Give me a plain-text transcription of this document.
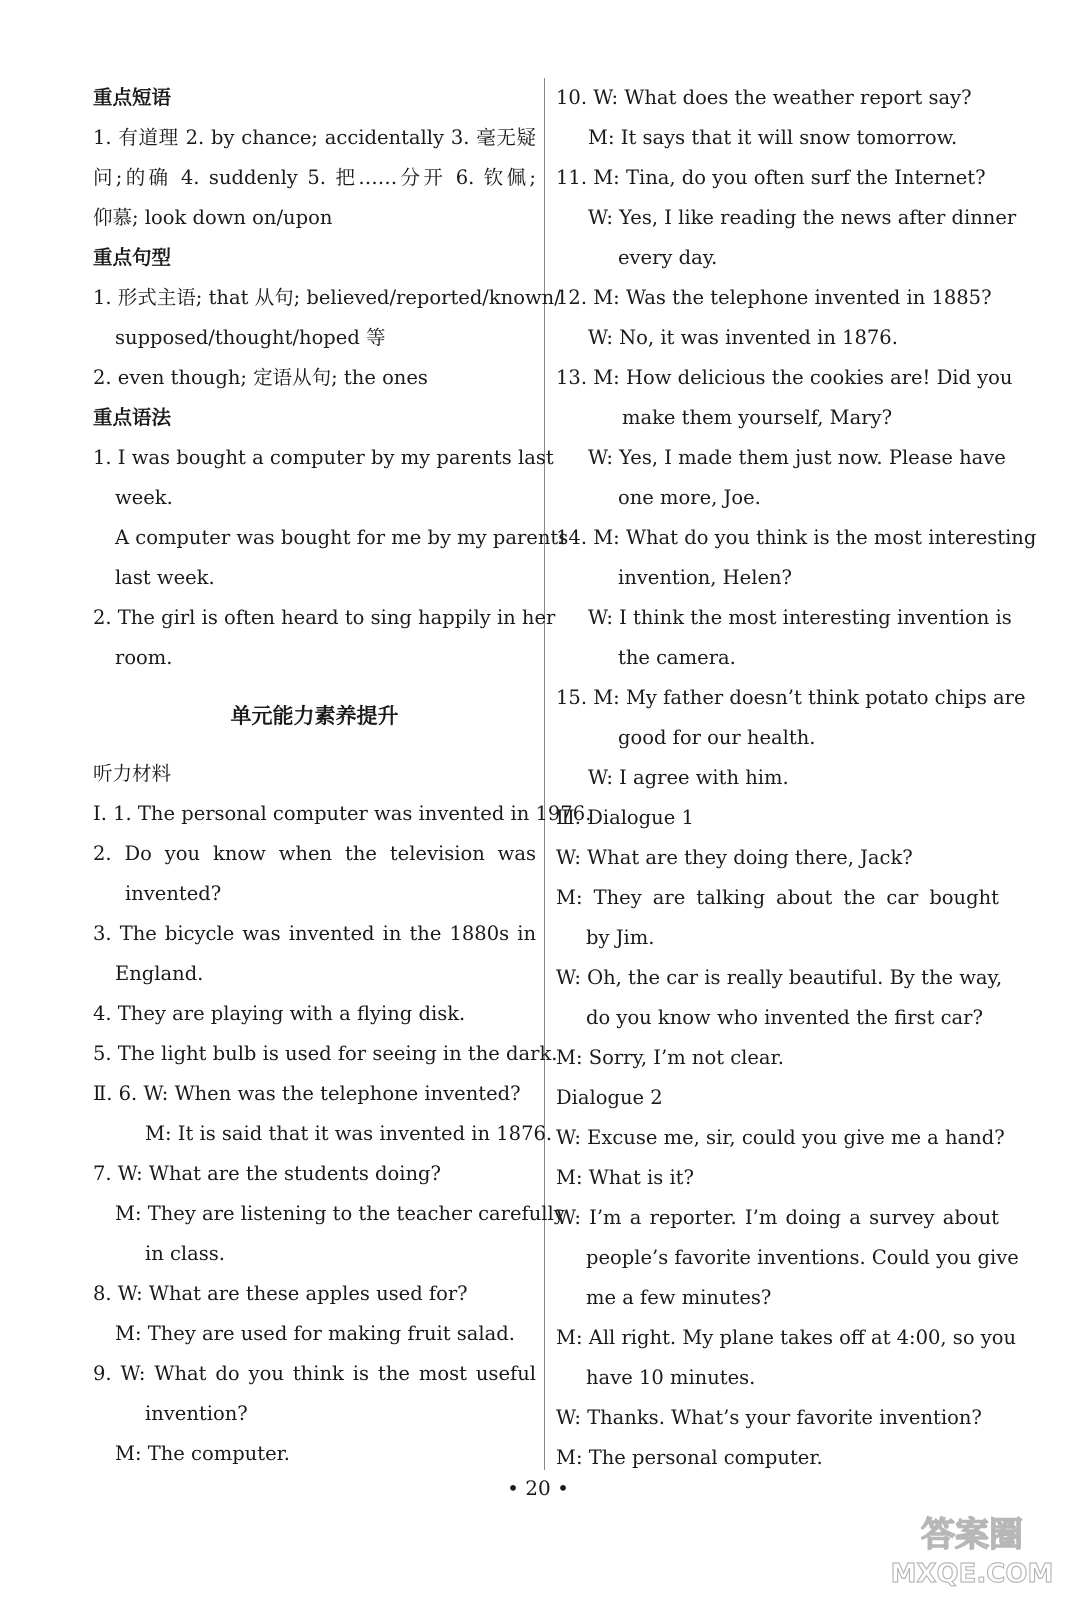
重点短语
1. 有道理 2. by chance; accidentally 3. 毫无疑
问;的确 4. suddenly 5. 把……分开 6. 钦佩;
仰慕; look down on/upon
重点句型
1. 形式主语; that 从句; believed/reported/known/
supposed/thought/hoped 等
2. even though; 定语从句; the ones
重点语法
1. I was bought a computer by my parents last
week.
A computer was bought for me by my parents
last week.
2. The girl is often heard to sing happily in her
room.
单元能力素养提升
听力材料
Ⅰ. 1. The personal computer was invented in 1976.
2. Do you know when the television was
invented?
3. The bicycle was invented in the 1880s in
England.
4. They are playing with a flying disk.
5. The light bulb is used for seeing in the dark.
Ⅱ. 6. W: When was the telephone invented?
M: It is said that it was invented in 1876.
7. W: What are the students doing?
M: They are listening to the teacher carefully
in class.
8. W: What are these apples used for?
M: They are used for making fruit salad.
9. W: What do you think is the most useful
invention?
M: The computer.
10. W: What does the weather report say?
M: It says that it will snow tomorrow.
11. M: Tina, do you often surf the Internet?
W: Yes, I like reading the news after dinner
every day.
12. M: Was the telephone invented in 1885?
W: No, it was invented in 1876.
13. M: How delicious the cookies are! Did you
make them yourself, Mary?
W: Yes, I made them just now. Please have
one more, Joe.
14. M: What do you think is the most interesting
invention, Helen?
W: I think the most interesting invention is
the camera.
15. M: My father doesn’t think potato chips are
good for our health.
W: I agree with him.
Ⅲ. Dialogue 1
W: What are they doing there, Jack?
M: They are talking about the car bought
by Jim.
W: Oh, the car is really beautiful. By the way,
do you know who invented the first car?
M: Sorry, I’m not clear.
Dialogue 2
W: Excuse me, sir, could you give me a hand?
M: What is it?
W: I’m a reporter. I’m doing a survey about
people’s favorite inventions. Could you give
me a few minutes?
M: All right. My plane takes off at 4:00, so you
have 10 minutes.
W: Thanks. What’s your favorite invention?
M: The personal computer.
• 20 •
答案圈
MXQE.COM
